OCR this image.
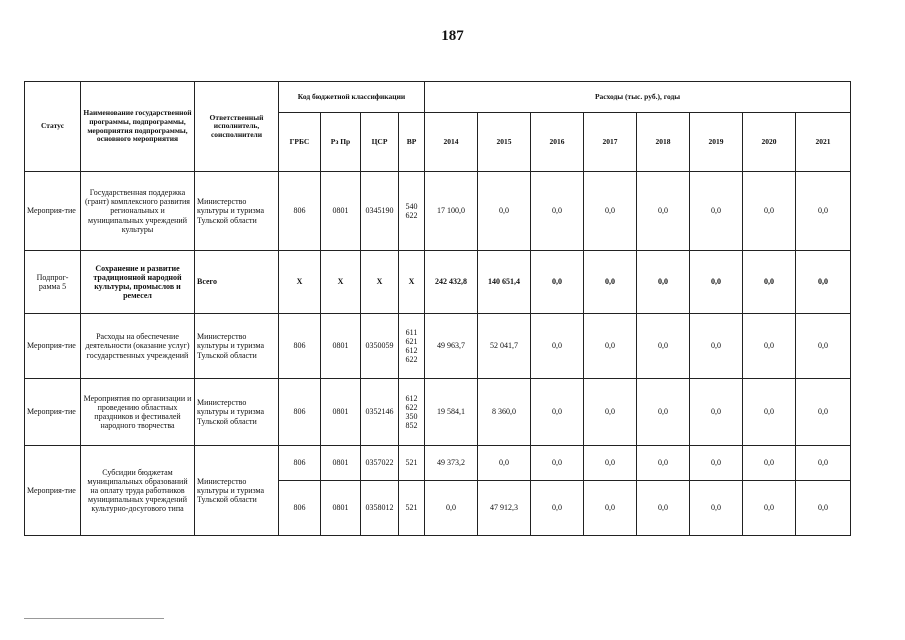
187
Статус	Наименование государственной программы, подпрограммы, мероприятия подпрограммы, основного мероприятия	Ответственный исполнитель, соисполнители	Код бюджетной классификации				Расходы (тыс. руб.), годы							
			ГРБС	Рз Пр	ЦСР	ВР	2014	2015	2016	2017	2018	2019	2020	2021
Мероприя-тие	Государственная поддержка (грант) комплексного развития региональных и муниципальных учреждений культуры	Министерство культуры и туризма Тульской области	806	0801	0345190	540 622	17 100,0	0,0	0,0	0,0	0,0	0,0	0,0	0,0
Подпрог-рамма 5	Сохранение и развитие традиционной народной культуры, промыслов и ремесел	Всего	Х	Х	Х	Х	242 432,8	140 651,4	0,0	0,0	0,0	0,0	0,0	0,0
Мероприя-тие	Расходы на обеспечение деятельности (оказание услуг) государственных учреждений	Министерство культуры и туризма Тульской области	806	0801	0350059	611 621 612 622	49 963,7	52 041,7	0,0	0,0	0,0	0,0	0,0	0,0
Мероприя-тие	Мероприятия по организации и проведению областных праздников и фестивалей народного творчества	Министерство культуры и туризма Тульской области	806	0801	0352146	612 622 350 852	19 584,1	8 360,0	0,0	0,0	0,0	0,0	0,0	0,0
Мероприя-тие	Субсидии бюджетам муниципальных образований на оплату труда работников муниципальных учреждений культурно-досугового типа	Министерство культуры и туризма Тульской области	806	0801	0357022	521	49 373,2	0,0	0,0	0,0	0,0	0,0	0,0	0,0
			806	0801	0358012	521	0,0	47 912,3	0,0	0,0	0,0	0,0	0,0	0,0
